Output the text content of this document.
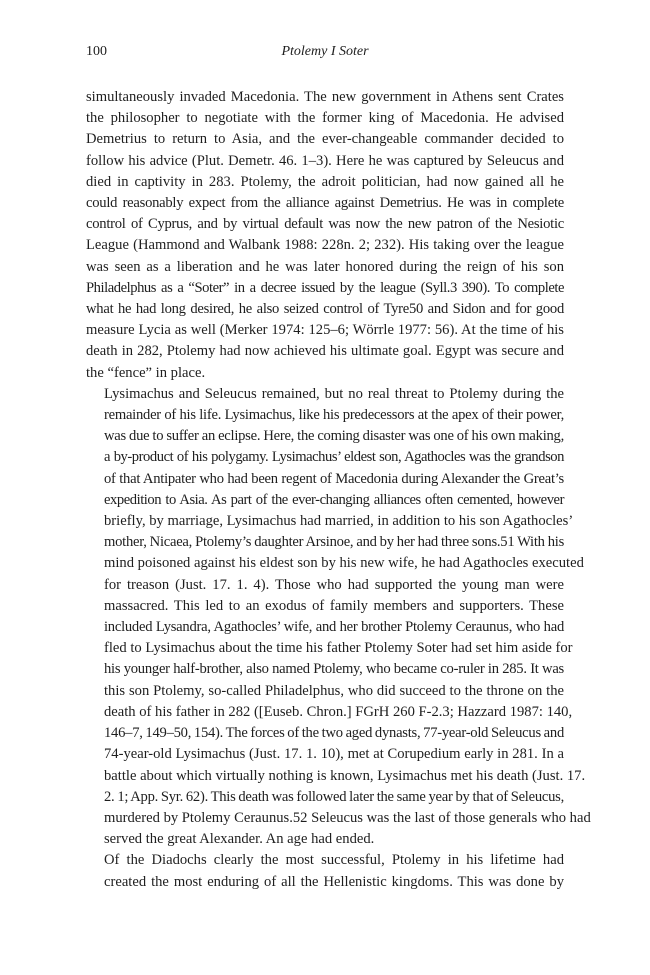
100	Ptolemy I Soter

simultaneously invaded Macedonia. The new government in Athens sent Crates
the philosopher to negotiate with the former king of Macedonia. He advised
Demetrius to return to Asia, and the ever-changeable commander decided to
follow his advice (Plut. Demetr. 46. 1–3). Here he was captured by Seleucus and
died in captivity in 283. Ptolemy, the adroit politician, had now gained all he
could reasonably expect from the alliance against Demetrius. He was in complete
control of Cyprus, and by virtual default was now the new patron of the Nesiotic
League (Hammond and Walbank 1988: 228n. 2; 232). His taking over the league
was seen as a liberation and he was later honored during the reign of his son
Philadelphus as a “Soter” in a decree issued by the league (Syll.3 390). To complete
what he had long desired, he also seized control of Tyre50 and Sidon and for good
measure Lycia as well (Merker 1974: 125–6; Wörrle 1977: 56). At the time of his
death in 282, Ptolemy had now achieved his ultimate goal. Egypt was secure and
the “fence” in place.

Lysimachus and Seleucus remained, but no real threat to Ptolemy during the
remainder of his life. Lysimachus, like his predecessors at the apex of their power,
was due to suffer an eclipse. Here, the coming disaster was one of his own making,
a by-product of his polygamy. Lysimachus’ eldest son, Agathocles was the grandson
of that Antipater who had been regent of Macedonia during Alexander the Great’s
expedition to Asia. As part of the ever-changing alliances often cemented, however
briefly, by marriage, Lysimachus had married, in addition to his son Agathocles’
mother, Nicaea, Ptolemy’s daughter Arsinoe, and by her had three sons.51 With his
mind poisoned against his eldest son by his new wife, he had Agathocles executed
for treason (Just. 17. 1. 4). Those who had supported the young man were
massacred. This led to an exodus of family members and supporters. These
included Lysandra, Agathocles’ wife, and her brother Ptolemy Ceraunus, who had
fled to Lysimachus about the time his father Ptolemy Soter had set him aside for
his younger half-brother, also named Ptolemy, who became co-ruler in 285. It was
this son Ptolemy, so-called Philadelphus, who did succeed to the throne on the
death of his father in 282 ([Euseb. Chron.] FGrH 260 F-2.3; Hazzard 1987: 140,
146–7, 149–50, 154). The forces of the two aged dynasts, 77-year-old Seleucus and
74-year-old Lysimachus (Just. 17. 1. 10), met at Corupedium early in 281. In a
battle about which virtually nothing is known, Lysimachus met his death (Just. 17.
2. 1; App. Syr. 62). This death was followed later the same year by that of Seleucus,
murdered by Ptolemy Ceraunus.52 Seleucus was the last of those generals who had
served the great Alexander. An age had ended.

Of the Diadochs clearly the most successful, Ptolemy in his lifetime had
created the most enduring of all the Hellenistic kingdoms. This was done by
